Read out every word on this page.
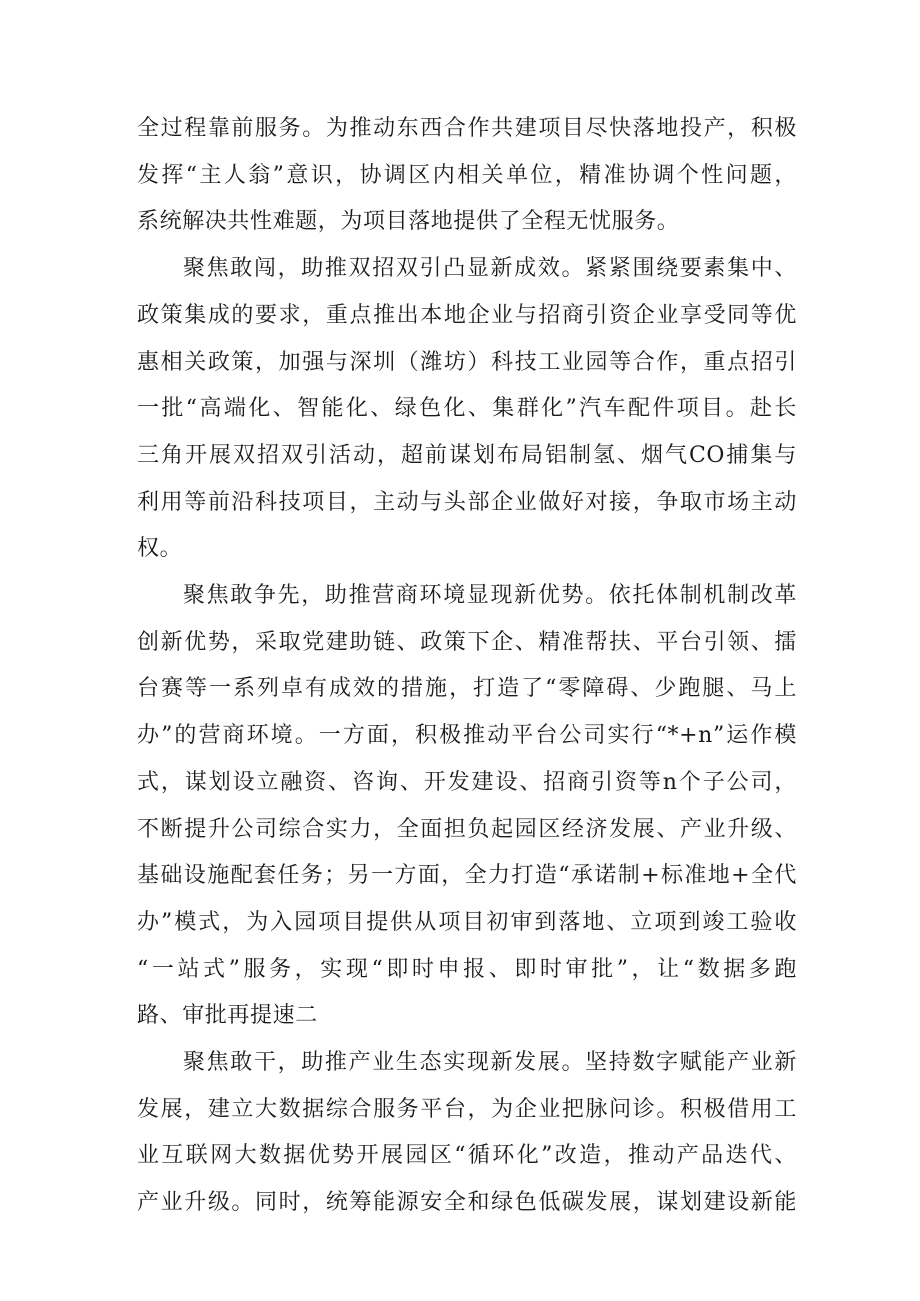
全过程靠前服务。为推动东西合作共建项目尽快落地投产，积极
发挥“主人翁”意识，协调区内相关单位，精准协调个性问题，
系统解决共性难题，为项目落地提供了全程无忧服务。
聚焦敢闯，助推双招双引凸显新成效。紧紧围绕要素集中、
政策集成的要求，重点推出本地企业与招商引资企业享受同等优
惠相关政策，加强与深圳（潍坊）科技工业园等合作，重点招引
一批“高端化、智能化、绿色化、集群化”汽车配件项目。赴长
三角开展双招双引活动，超前谋划布局铝制氢、烟气CO捕集与
利用等前沿科技项目，主动与头部企业做好对接，争取市场主动
权。
聚焦敢争先，助推营商环境显现新优势。依托体制机制改革
创新优势，采取党建助链、政策下企、精准帮扶、平台引领、擂
台赛等一系列卓有成效的措施，打造了“零障碍、少跑腿、马上
办”的营商环境。一方面，积极推动平台公司实行“*+n”运作模
式，谋划设立融资、咨询、开发建设、招商引资等n个子公司，
不断提升公司综合实力，全面担负起园区经济发展、产业升级、
基础设施配套任务；另一方面，全力打造“承诺制+标准地+全代
办”模式，为入园项目提供从项目初审到落地、立项到竣工验收
“一站式”服务，实现“即时申报、即时审批”，让“数据多跑
路、审批再提速二
聚焦敢干，助推产业生态实现新发展。坚持数字赋能产业新
发展，建立大数据综合服务平台，为企业把脉问诊。积极借用工
业互联网大数据优势开展园区“循环化”改造，推动产品迭代、
产业升级。同时，统筹能源安全和绿色低碳发展，谋划建设新能
